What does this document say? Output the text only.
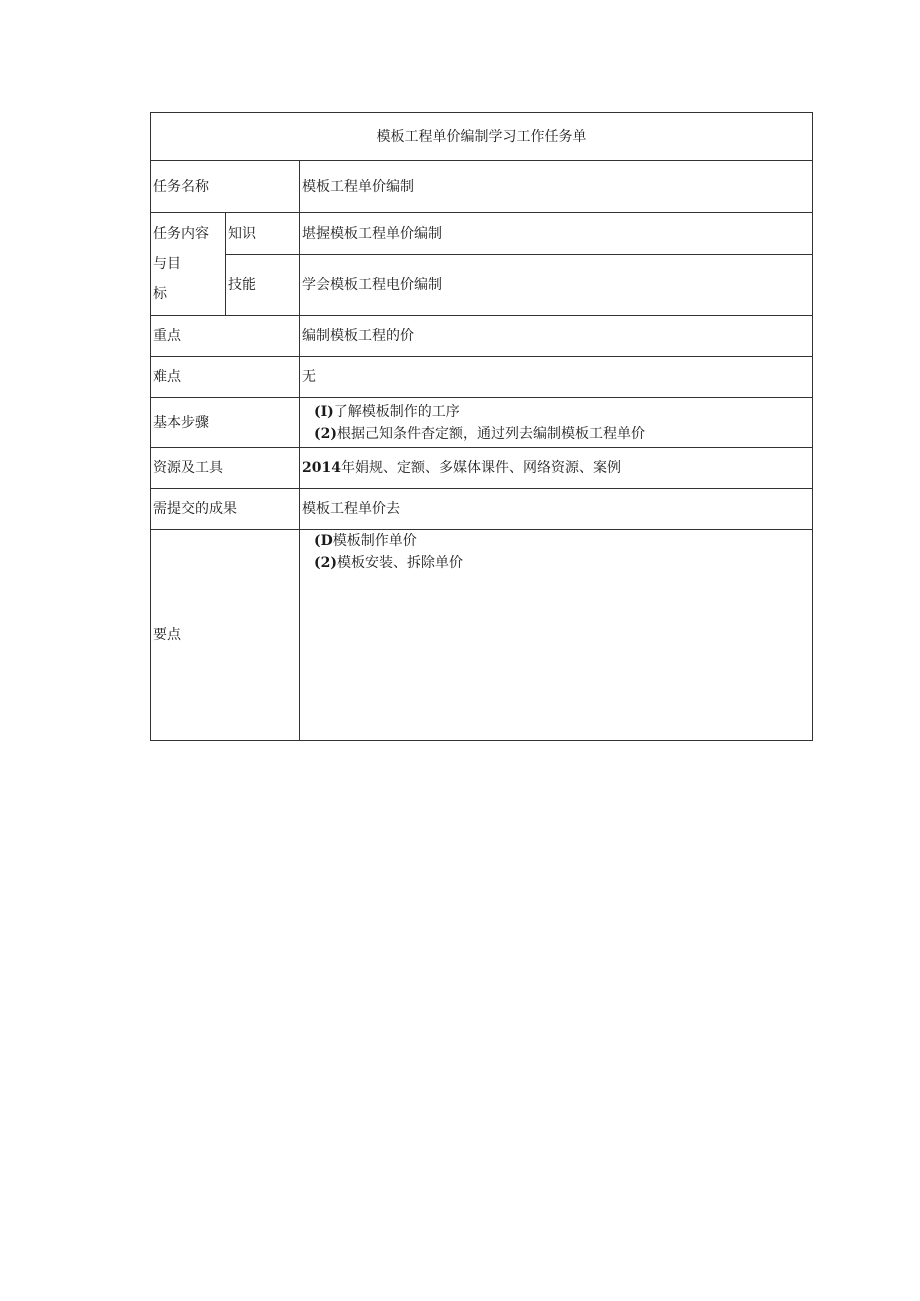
模板工程单价编制学习工作任务单		
任务名称		模板工程单价编制

任务内容
与目
标	知识	堪握模板工程单价编制
	技能	学会模板工程电价编制
重点		编制模板工程的价
难点		无
基本步骤		(I)了解模板制作的工序
(2)根据己知条件杳定额，通过列去编制模板工程单价

资源及工具		2014年娟规、定额、多媒体课件、网络资源、案例
需提交的成果		模板工程单价去
要点		(D模板制作单价
(2)模板安装、拆除单价
